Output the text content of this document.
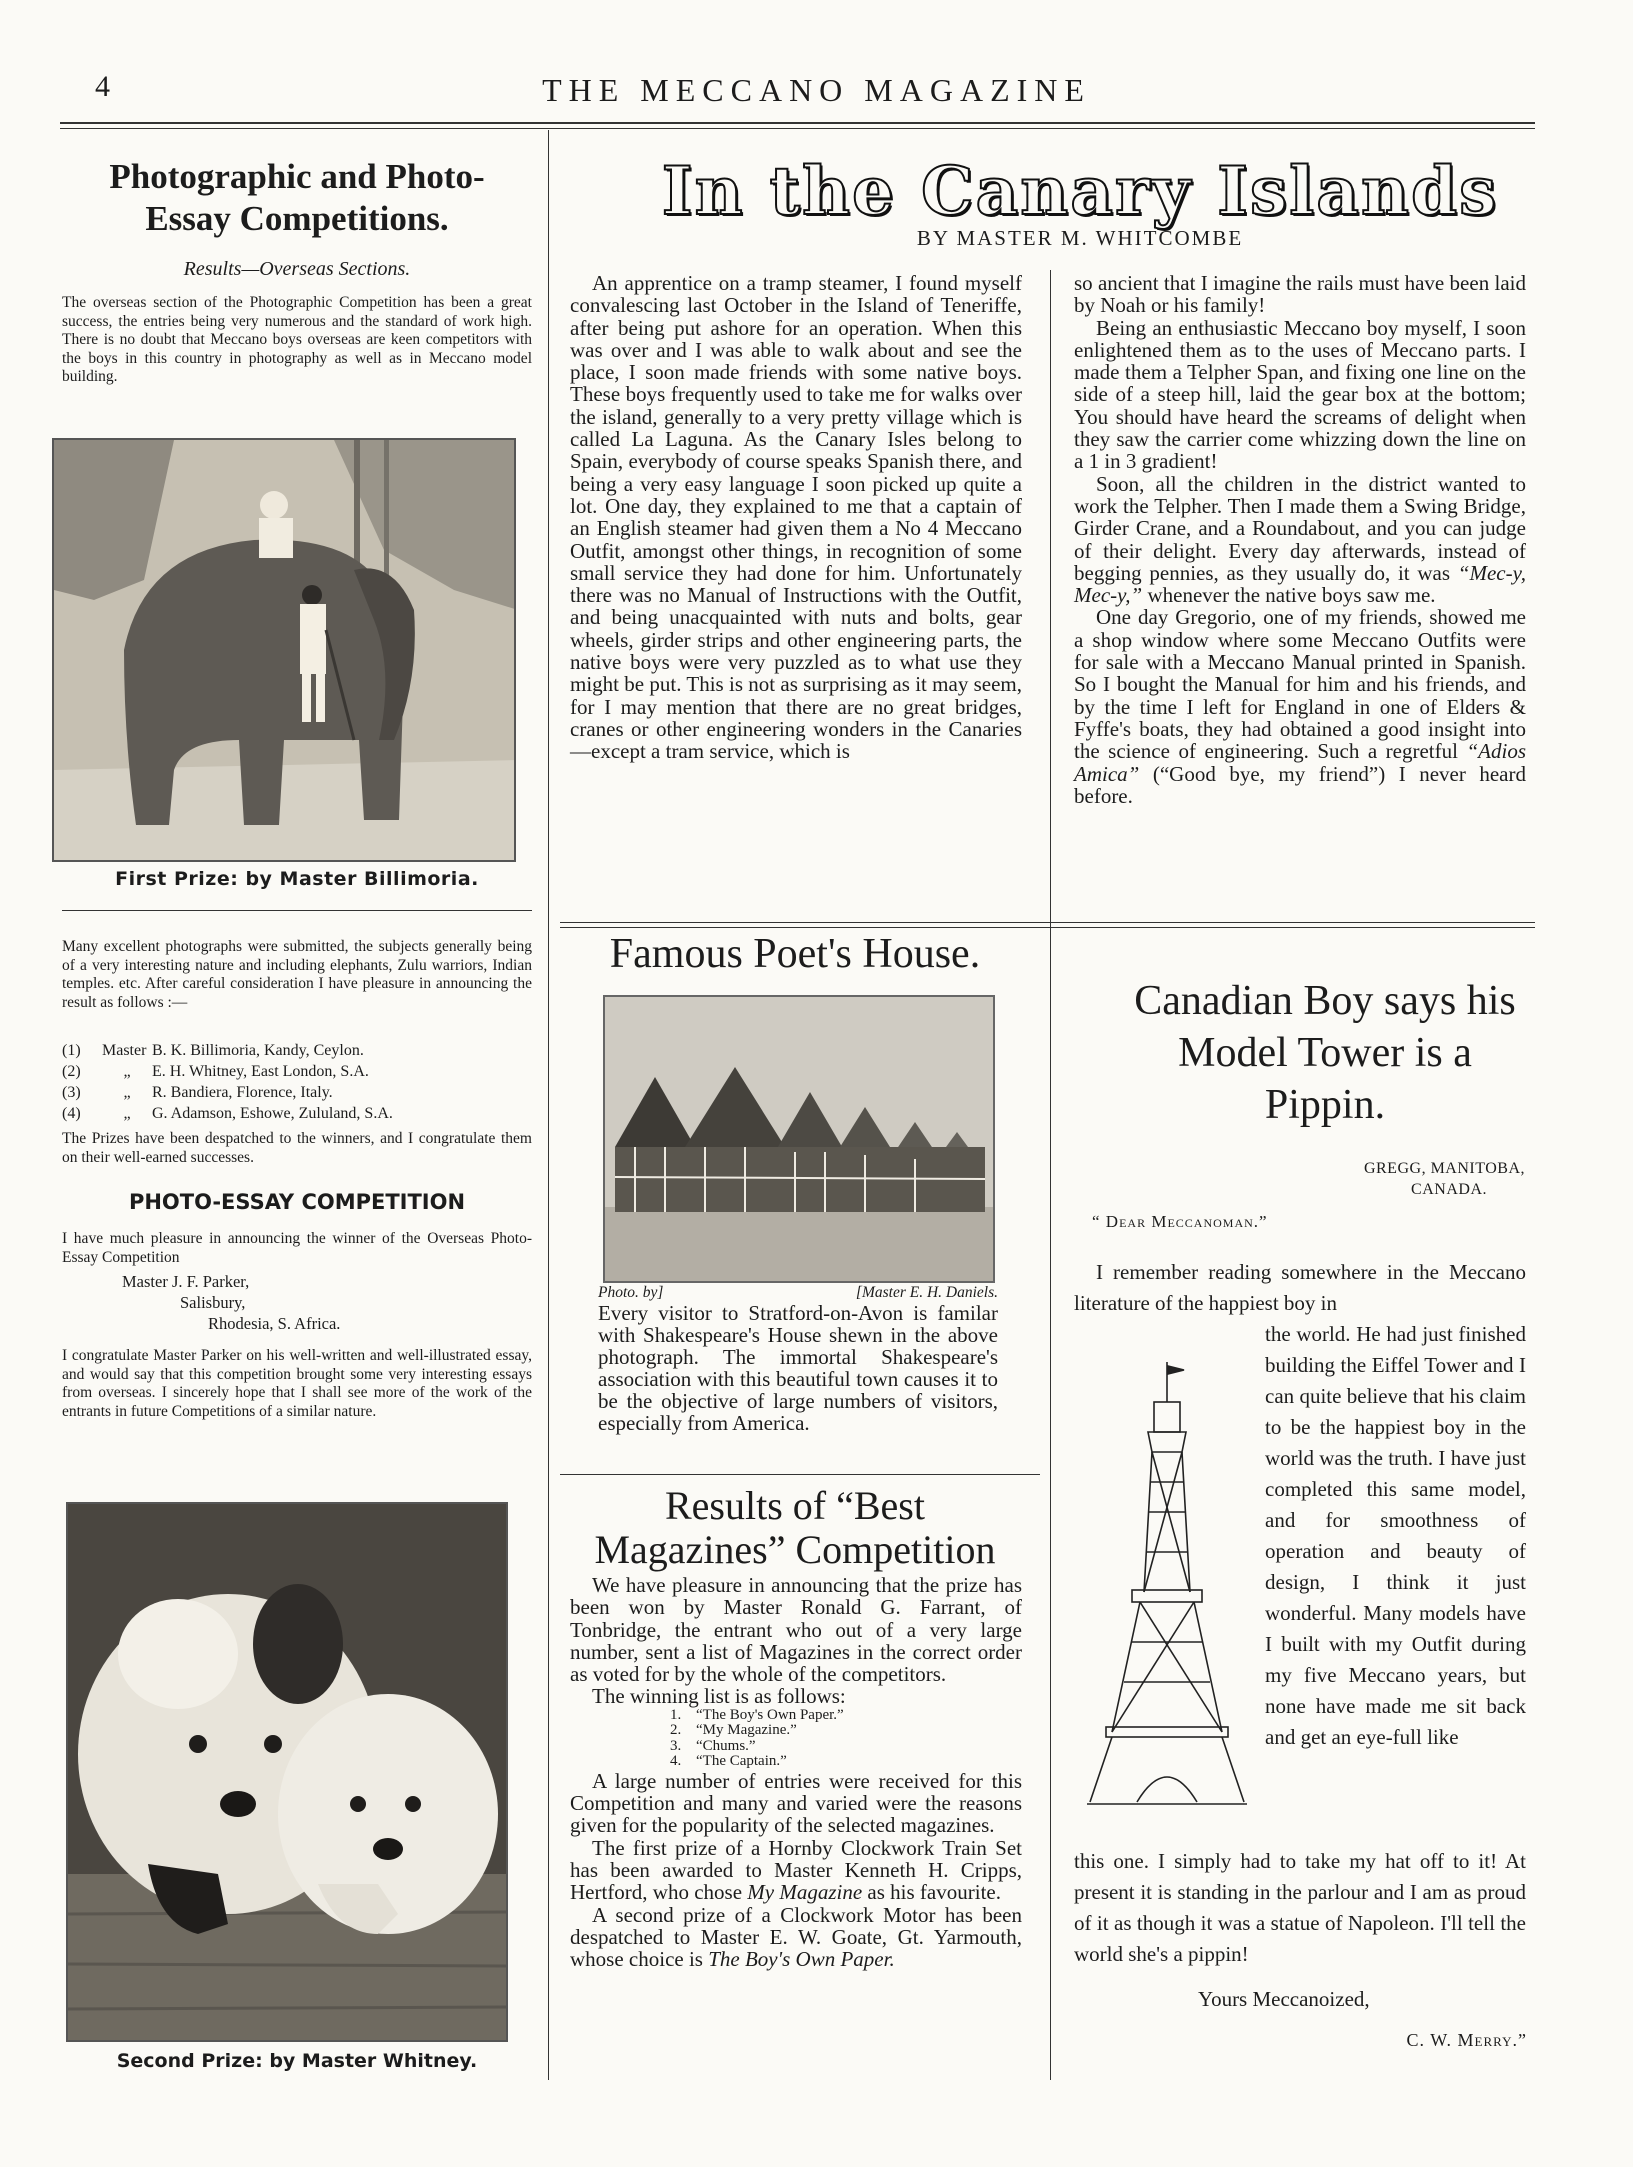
4	THE MECCANO MAGAZINE
Photographic and Photo-
Essay Competitions.
Results—Overseas Sections.
The overseas section of the Photographic Competition has been a great success, the entries being very numerous and the standard of work high. There is no doubt that Meccano boys overseas are keen competitors with the boys in this country in photography as well as in Meccano model building.
First Prize: by Master Billimoria.
Many excellent photographs were submitted, the subjects generally being of a very interesting nature and including elephants, Zulu warriors, Indian temples. etc. After careful consideration I have pleasure in announcing the result as follows :—
(1)	Master B. K. Billimoria, Kandy, Ceylon.
(2)	„	E. H. Whitney, East London, S.A.
(3)	„	R. Bandiera, Florence, Italy.
(4)	„	G. Adamson, Eshowe, Zululand, S.A.
The Prizes have been despatched to the winners, and I congratulate them on their well-earned successes.
PHOTO-ESSAY COMPETITION
I have much pleasure in announcing the winner of the Overseas Photo-Essay Competition
Master J. F. Parker,
Salisbury,
Rhodesia, S. Africa.
I congratulate Master Parker on his well-written and well-illustrated essay, and would say that this competition brought some very interesting essays from overseas. I sincerely hope that I shall see more of the work of the entrants in future Competitions of a similar nature.
Second Prize: by Master Whitney.
In the Canary Islands
BY MASTER M. WHITCOMBE
An apprentice on a tramp steamer, I found myself convalescing last October in the Island of Teneriffe, after being put ashore for an operation. When this was over and I was able to walk about and see the place, I soon made friends with some native boys. These boys frequently used to take me for walks over the island, generally to a very pretty village which is called La Laguna. As the Canary Isles belong to Spain, everybody of course speaks Spanish there, and being a very easy language I soon picked up quite a lot. One day, they explained to me that a captain of an English steamer had given them a No 4 Meccano Outfit, amongst other things, in recognition of some small service they had done for him. Unfortunately there was no Manual of Instructions with the Outfit, and being unacquainted with nuts and bolts, gear wheels, girder strips and other engineering parts, the native boys were very puzzled as to what use they might be put. This is not as surprising as it may seem, for I may mention that there are no great bridges, cranes or other engineering wonders in the Canaries—except a tram service, which is
so ancient that I imagine the rails must have been laid by Noah or his family!
Being an enthusiastic Meccano boy myself, I soon enlightened them as to the uses of Meccano parts. I made them a Telpher Span, and fixing one line on the side of a steep hill, laid the gear box at the bottom; You should have heard the screams of delight when they saw the carrier come whizzing down the line on a 1 in 3 gradient!
Soon, all the children in the district wanted to work the Telpher. Then I made them a Swing Bridge, Girder Crane, and a Roundabout, and you can judge of their delight. Every day afterwards, instead of begging pennies, as they usually do, it was “Mec-y, Mec-y,” whenever the native boys saw me.
One day Gregorio, one of my friends, showed me a shop window where some Meccano Outfits were for sale with a Meccano Manual printed in Spanish. So I bought the Manual for him and his friends, and by the time I left for England in one of Elders & Fyffe's boats, they had obtained a good insight into the science of engineering. Such a regretful “Adios Amica” (“Good bye, my friend”) I never heard before.
Famous Poet's House.
Photo. by]	[Master E. H. Daniels.
Every visitor to Stratford-on-Avon is familar with Shakespeare's House shewn in the above photograph. The immortal Shakespeare's association with this beautiful town causes it to be the objective of large numbers of visitors, especially from America.
Results of “Best
Magazines” Competition
We have pleasure in announcing that the prize has been won by Master Ronald G. Farrant, of Tonbridge, the entrant who out of a very large number, sent a list of Magazines in the correct order as voted for by the whole of the competitors.
The winning list is as follows:
1. “The Boy's Own Paper.”
2. “My Magazine.”
3. “Chums.”
4. “The Captain.”
A large number of entries were received for this Competition and many and varied were the reasons given for the popularity of the selected magazines.
The first prize of a Hornby Clockwork Train Set has been awarded to Master Kenneth H. Cripps, Hertford, who chose My Magazine as his favourite.
A second prize of a Clockwork Motor has been despatched to Master E. W. Goate, Gt. Yarmouth, whose choice is The Boy's Own Paper.
Canadian Boy says his
Model Tower is a
Pippin.
GREGG, MANITOBA,
CANADA.
“ Dear Meccanoman.”
I remember reading somewhere in the Meccano literature of the happiest boy in
the world. He had just finished building the Eiffel Tower and I can quite believe that his claim to be the happiest boy in the world was the truth. I have just completed this same model, and for smoothness of operation and beauty of design, I think it just wonderful. Many models have I built with my Outfit during my five Meccano years, but none have made me sit back and get an eye-full like
this one. I simply had to take my hat off to it! At present it is standing in the parlour and I am as proud of it as though it was a statue of Napoleon. I'll tell the world she's a pippin!
Yours Meccanoized,
C. W. Merry.”
